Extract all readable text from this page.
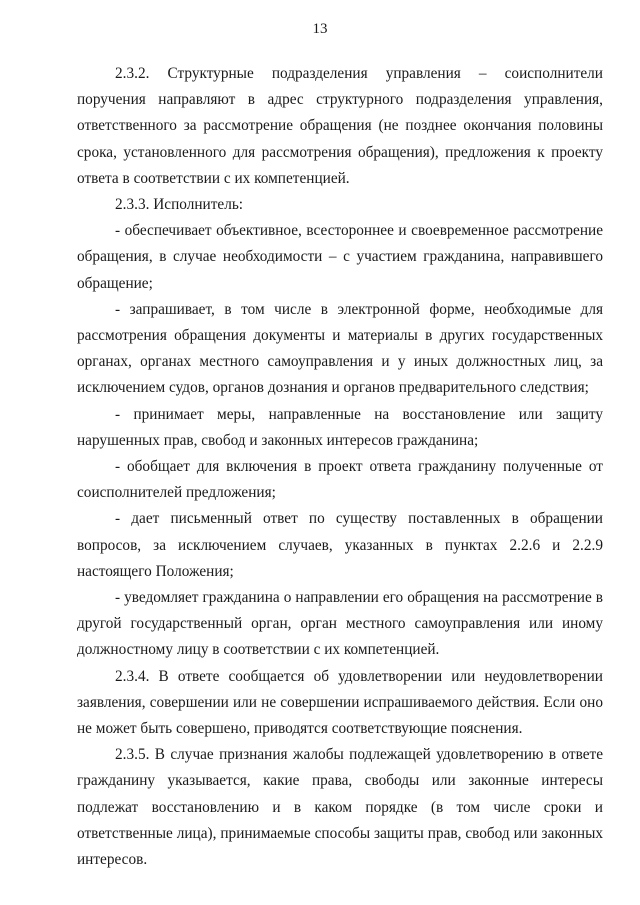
13

2.3.2. Структурные подразделения управления – соисполнители поручения направляют в адрес структурного подразделения управления, ответственного за рассмотрение обращения (не позднее окончания половины срока, установленного для рассмотрения обращения), предложения к проекту ответа в соответствии с их компетенцией.

2.3.3. Исполнитель:

- обеспечивает объективное, всестороннее и своевременное рассмотрение обращения, в случае необходимости – с участием гражданина, направившего обращение;

- запрашивает, в том числе в электронной форме, необходимые для рассмотрения обращения документы и материалы в других государственных органах, органах местного самоуправления и у иных должностных лиц, за исключением судов, органов дознания и органов предварительного следствия;

- принимает меры, направленные на восстановление или защиту нарушенных прав, свобод и законных интересов гражданина;

- обобщает для включения в проект ответа гражданину полученные от соисполнителей предложения;

- дает письменный ответ по существу поставленных в обращении вопросов, за исключением случаев, указанных в пунктах 2.2.6 и 2.2.9 настоящего Положения;

- уведомляет гражданина о направлении его обращения на рассмотрение в другой государственный орган, орган местного самоуправления или иному должностному лицу в соответствии с их компетенцией.

2.3.4. В ответе сообщается об удовлетворении или неудовлетворении заявления, совершении или не совершении испрашиваемого действия. Если оно не может быть совершено, приводятся соответствующие пояснения.

2.3.5. В случае признания жалобы подлежащей удовлетворению в ответе гражданину указывается, какие права, свободы или законные интересы подлежат восстановлению и в каком порядке (в том числе сроки и ответственные лица), принимаемые способы защиты прав, свобод или законных интересов.
